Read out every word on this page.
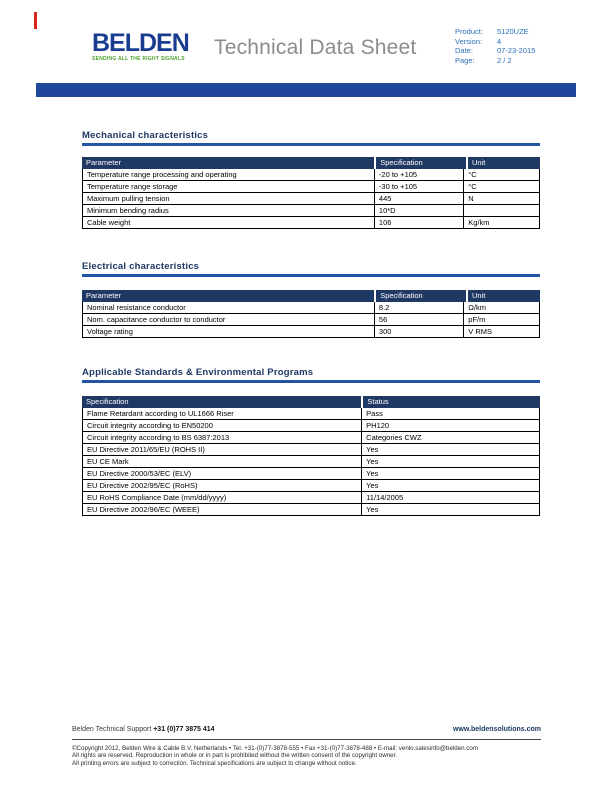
BELDEN
SENDING ALL THE RIGHT SIGNALS	Technical Data Sheet
Product:	5120UZE
Version:	4
Date:	07-23-2015
Page:	2 / 2
Mechanical characteristics
Parameter	Specification	Unit
Temperature range processing and operating	-20 to +105	°C
Temperature range storage	-30 to +105	°C
Maximum pulling tension	445	N
Minimum bending radius	10*D
Cable weight	106	Kg/km
Electrical characteristics
Parameter	Specification	Unit
Nominal resistance conductor	8.2	Ω/km
Nom. capacitance conductor to conductor	56	pF/m
Voltage rating	300	V RMS
Applicable Standards & Environmental Programs
Specification	Status
Flame Retardant according to UL1666 Riser	Pass
Circuit integrity according to EN50200	PH120
Circuit integrity according to BS 6387:2013	Categories CWZ
EU Directive 2011/65/EU (ROHS II)	Yes
EU CE Mark	Yes
EU Directive 2000/53/EC (ELV)	Yes
EU Directive 2002/95/EC (RoHS)	Yes
EU RoHS Compliance Date (mm/dd/yyyy)	11/14/2005
EU Directive 2002/96/EC (WEEE)	Yes
Belden Technical Support +31 (0)77 3875 414	www.beldensolutions.com
©Copyright 2012, Belden Wire & Cable B.V. Netherlands • Tel. +31-(0)77-3878-555 • Fax +31-(0)77-3878-488 • E-mail: venlo.salesinfo@belden.com
All rights are reserved. Reproduction in whole or in part is prohibited without the written consent of the copyright owner.
All printing errors are subject to correction. Technical specifications are subject to change without notice.
